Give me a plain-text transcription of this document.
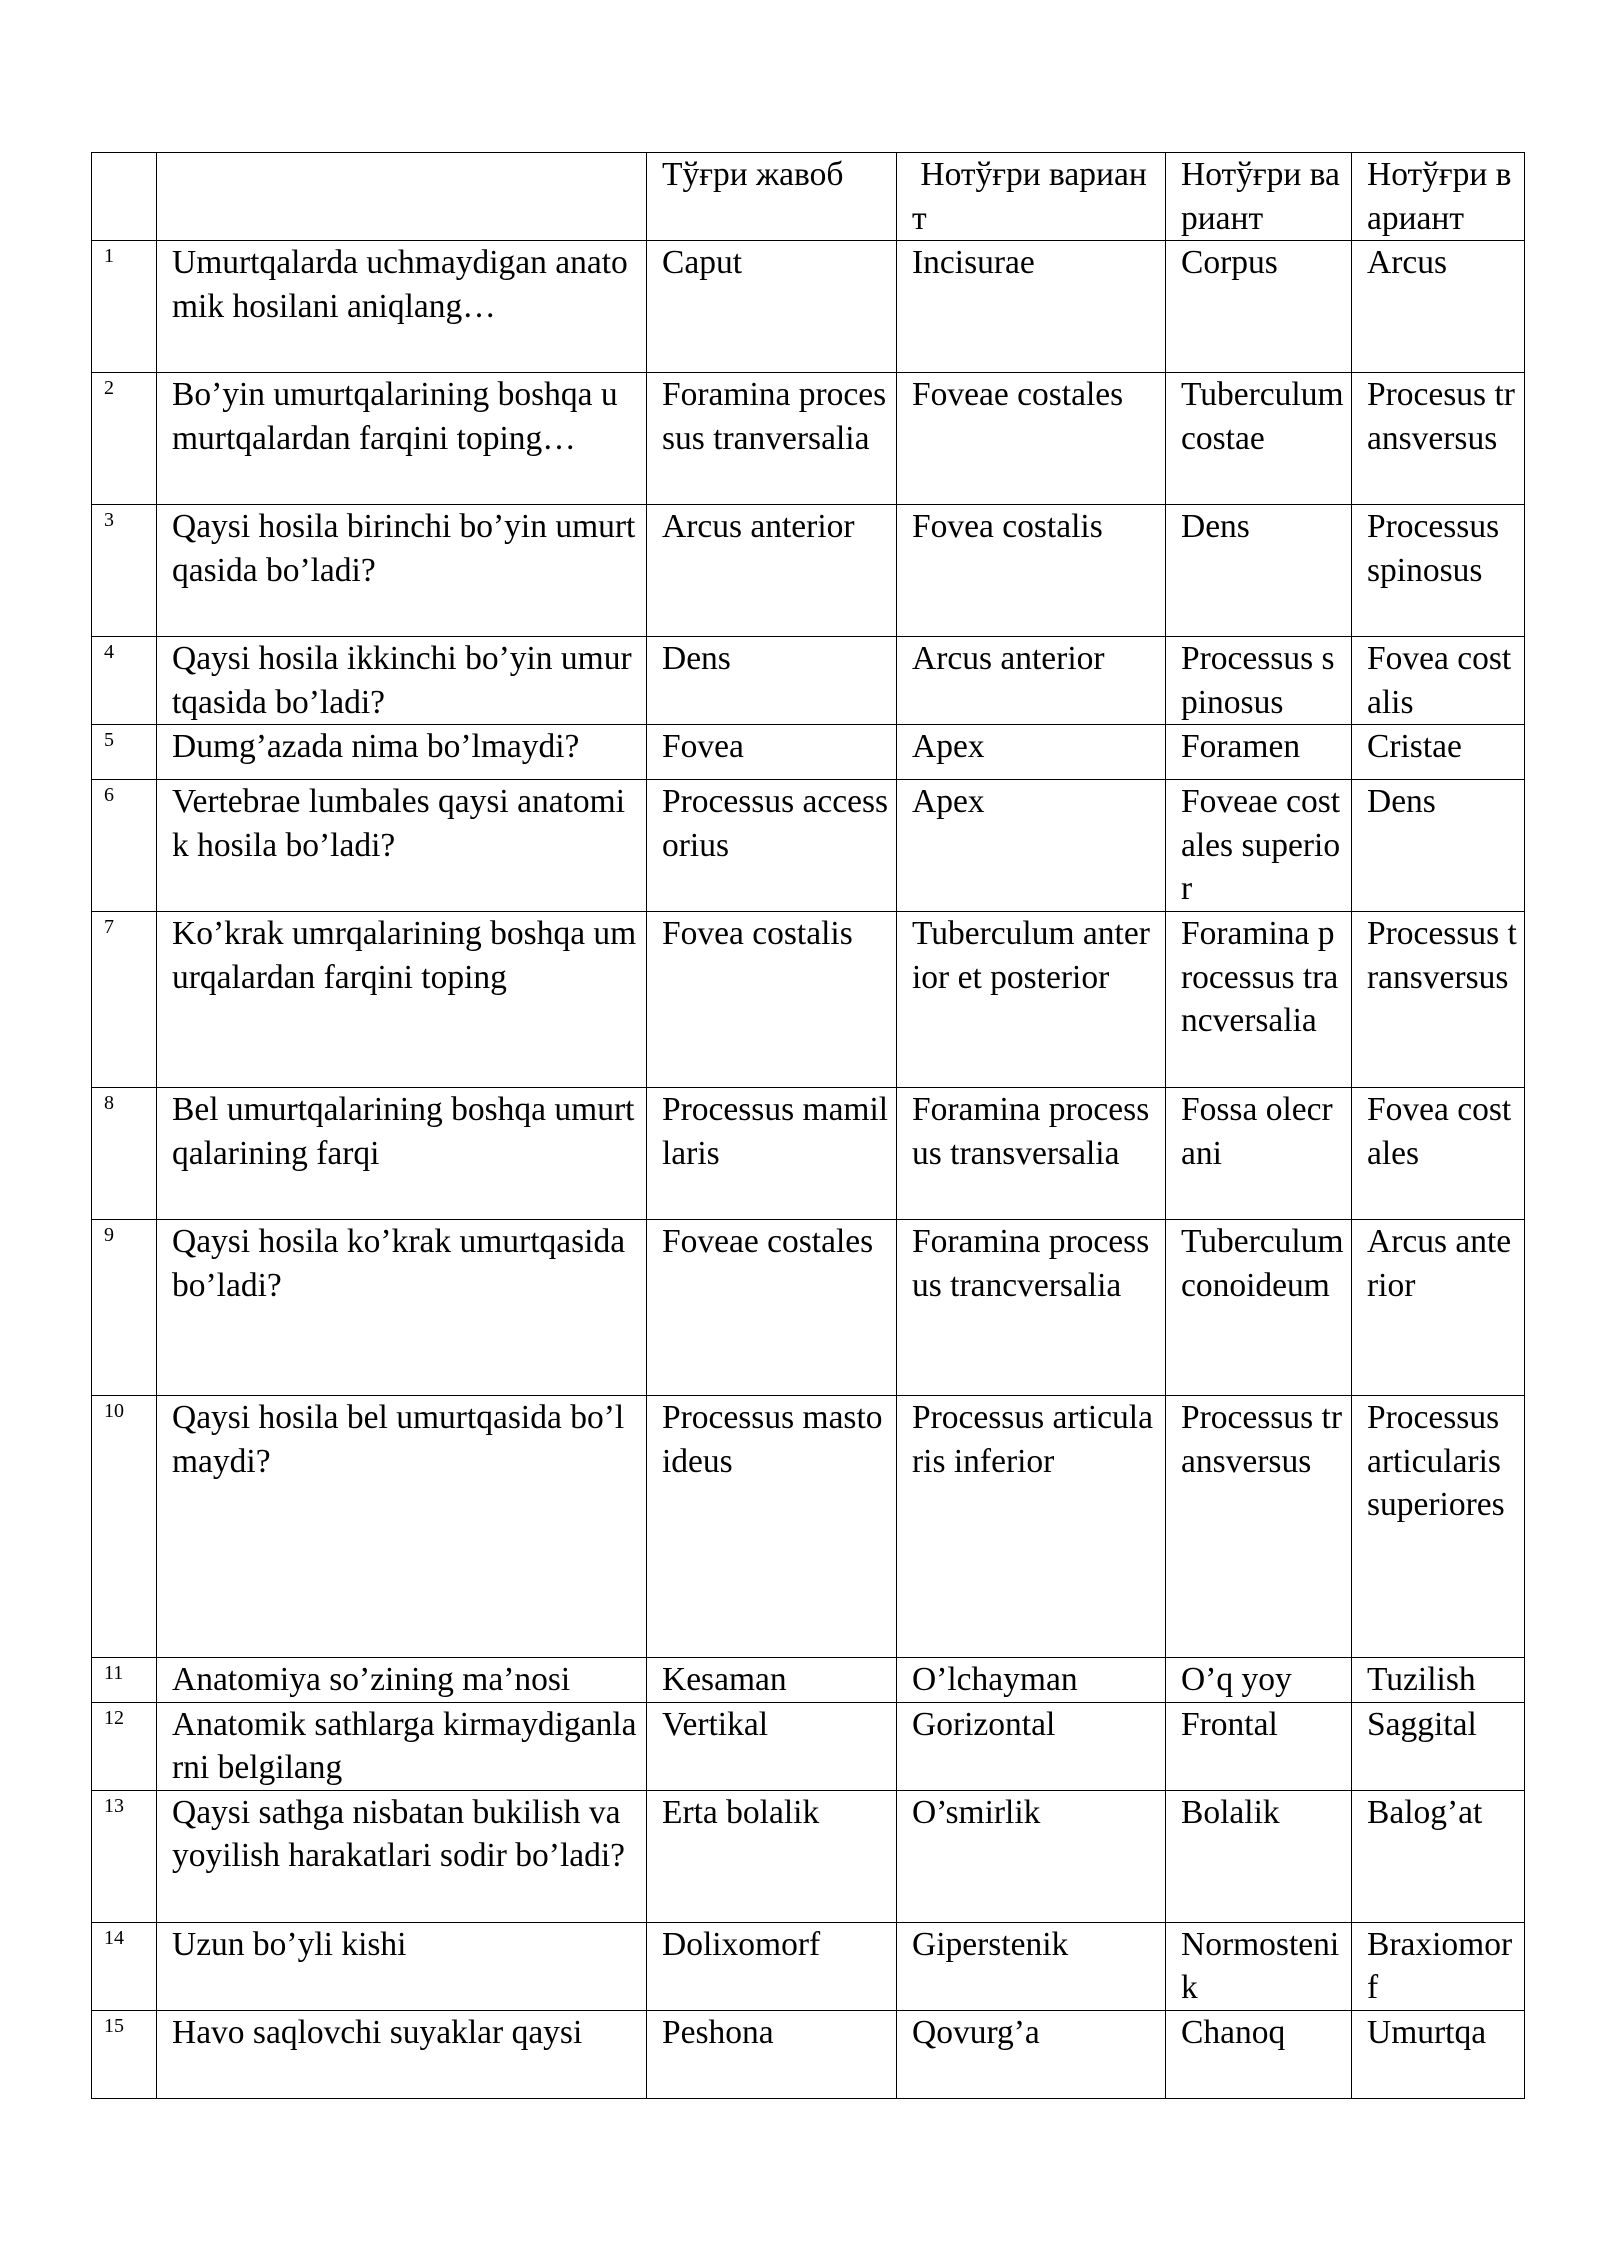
		Тўғри жавоб	Нотўғри вариант	Нотўғри вариант	Нотўғри вариант
1	Umurtqalarda uchmaydigan anatomik hosilani aniqlang…	Caput	Incisurae	Corpus	Arcus
2	Bo’yin umurtqalarining boshqa umurtqalardan farqini toping…	Foramina processus tranversalia	Foveae costales	Tuberculum costae	Procesus transversus
3	Qaysi hosila birinchi bo’yin umurtqasida bo’ladi?	Arcus anterior	Fovea costalis	Dens	Processus spinosus
4	Qaysi hosila ikkinchi bo’yin umurtqasida bo’ladi?	Dens	Arcus anterior	Processus spinosus	Fovea costalis
5	Dumg’azada nima bo’lmaydi?	Fovea	Apex	Foramen	Cristae
6	Vertebrae lumbales qaysi anatomik hosila bo’ladi?	Processus accessorius	Apex	Foveae costales superior	Dens
7	Ko’krak umrqalarining boshqa umurqalardan farqini toping	Fovea costalis	Tuberculum anterior et posterior	Foramina processus trancversalia	Processus transversus
8	Bel umurtqalarining boshqa umurtqalarining farqi	Processus mamillaris	Foramina processus transversalia	Fossa olecrani	Fovea costales
9	Qaysi hosila ko’krak umurtqasida bo’ladi?	Foveae costales	Foramina processus trancversalia	Tuberculum conoideum	Arcus anterior
10	Qaysi hosila bel umurtqasida bo’lmaydi?	Processus mastoideus	Processus articularis inferior	Processus transversus	Processus articularis superiores
11	Anatomiya so’zining ma’nosi	Kesaman	O’lchayman	O’q yoy	Tuzilish
12	Anatomik sathlarga kirmaydiganlarni belgilang	Vertikal	Gorizontal	Frontal	Saggital
13	Qaysi sathga nisbatan bukilish va yoyilish harakatlari sodir bo’ladi?	Erta bolalik	O’smirlik	Bolalik	Balog’at
14	Uzun bo’yli kishi	Dolixomorf	Giperstenik	Normostenik	Braxiomorf
15	Havo saqlovchi suyaklar qaysi	Peshona	Qovurg’a	Chanoq	Umurtqa
